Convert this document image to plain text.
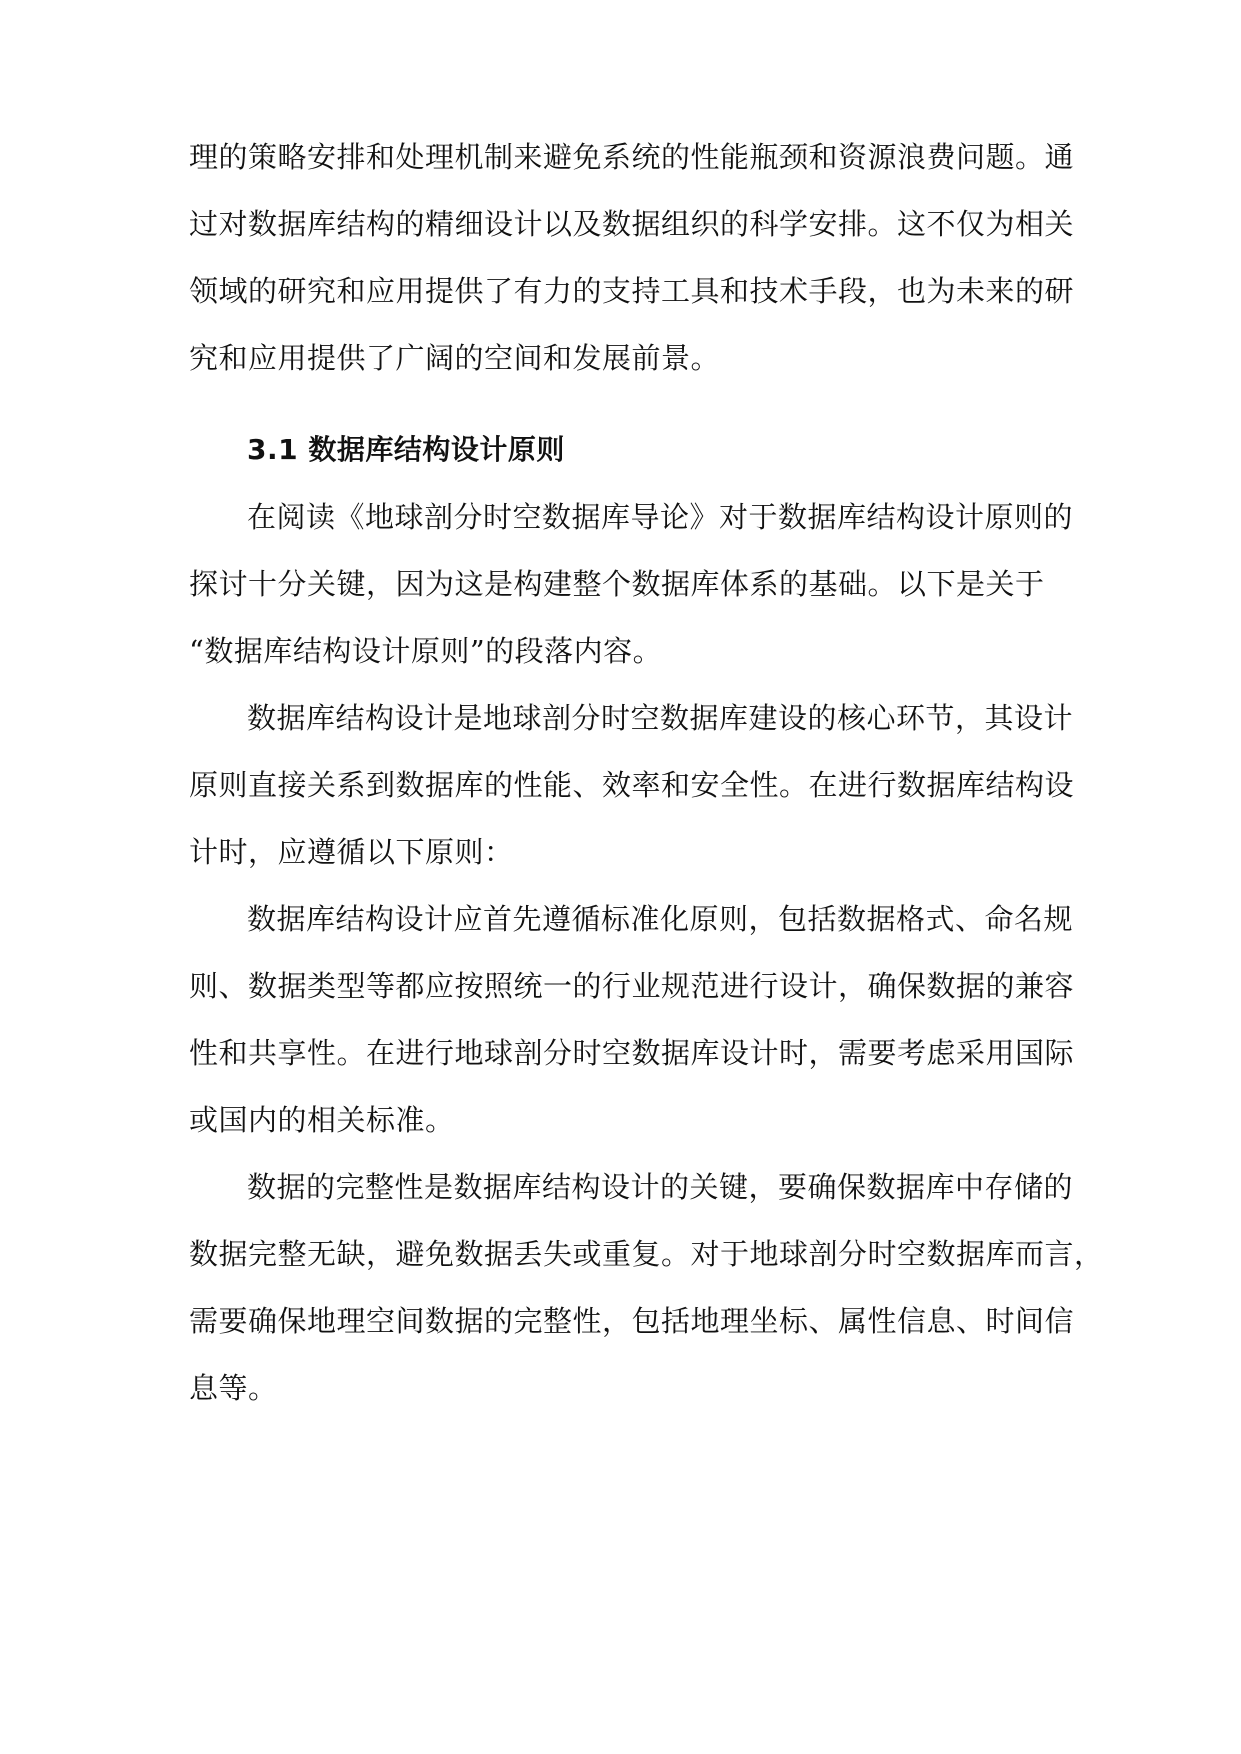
理的策略安排和处理机制来避免系统的性能瓶颈和资源浪费问题。通
过对数据库结构的精细设计以及数据组织的科学安排。这不仅为相关
领域的研究和应用提供了有力的支持工具和技术手段，也为未来的研
究和应用提供了广阔的空间和发展前景。
3.1 数据库结构设计原则
在阅读《地球剖分时空数据库导论》对于数据库结构设计原则的
探讨十分关键，因为这是构建整个数据库体系的基础。以下是关于
“数据库结构设计原则”的段落内容。
数据库结构设计是地球剖分时空数据库建设的核心环节，其设计
原则直接关系到数据库的性能、效率和安全性。在进行数据库结构设
计时，应遵循以下原则：
数据库结构设计应首先遵循标准化原则，包括数据格式、命名规
则、数据类型等都应按照统一的行业规范进行设计，确保数据的兼容
性和共享性。在进行地球剖分时空数据库设计时，需要考虑采用国际
或国内的相关标准。
数据的完整性是数据库结构设计的关键，要确保数据库中存储的
数据完整无缺，避免数据丢失或重复。对于地球剖分时空数据库而言，
需要确保地理空间数据的完整性，包括地理坐标、属性信息、时间信
息等。
